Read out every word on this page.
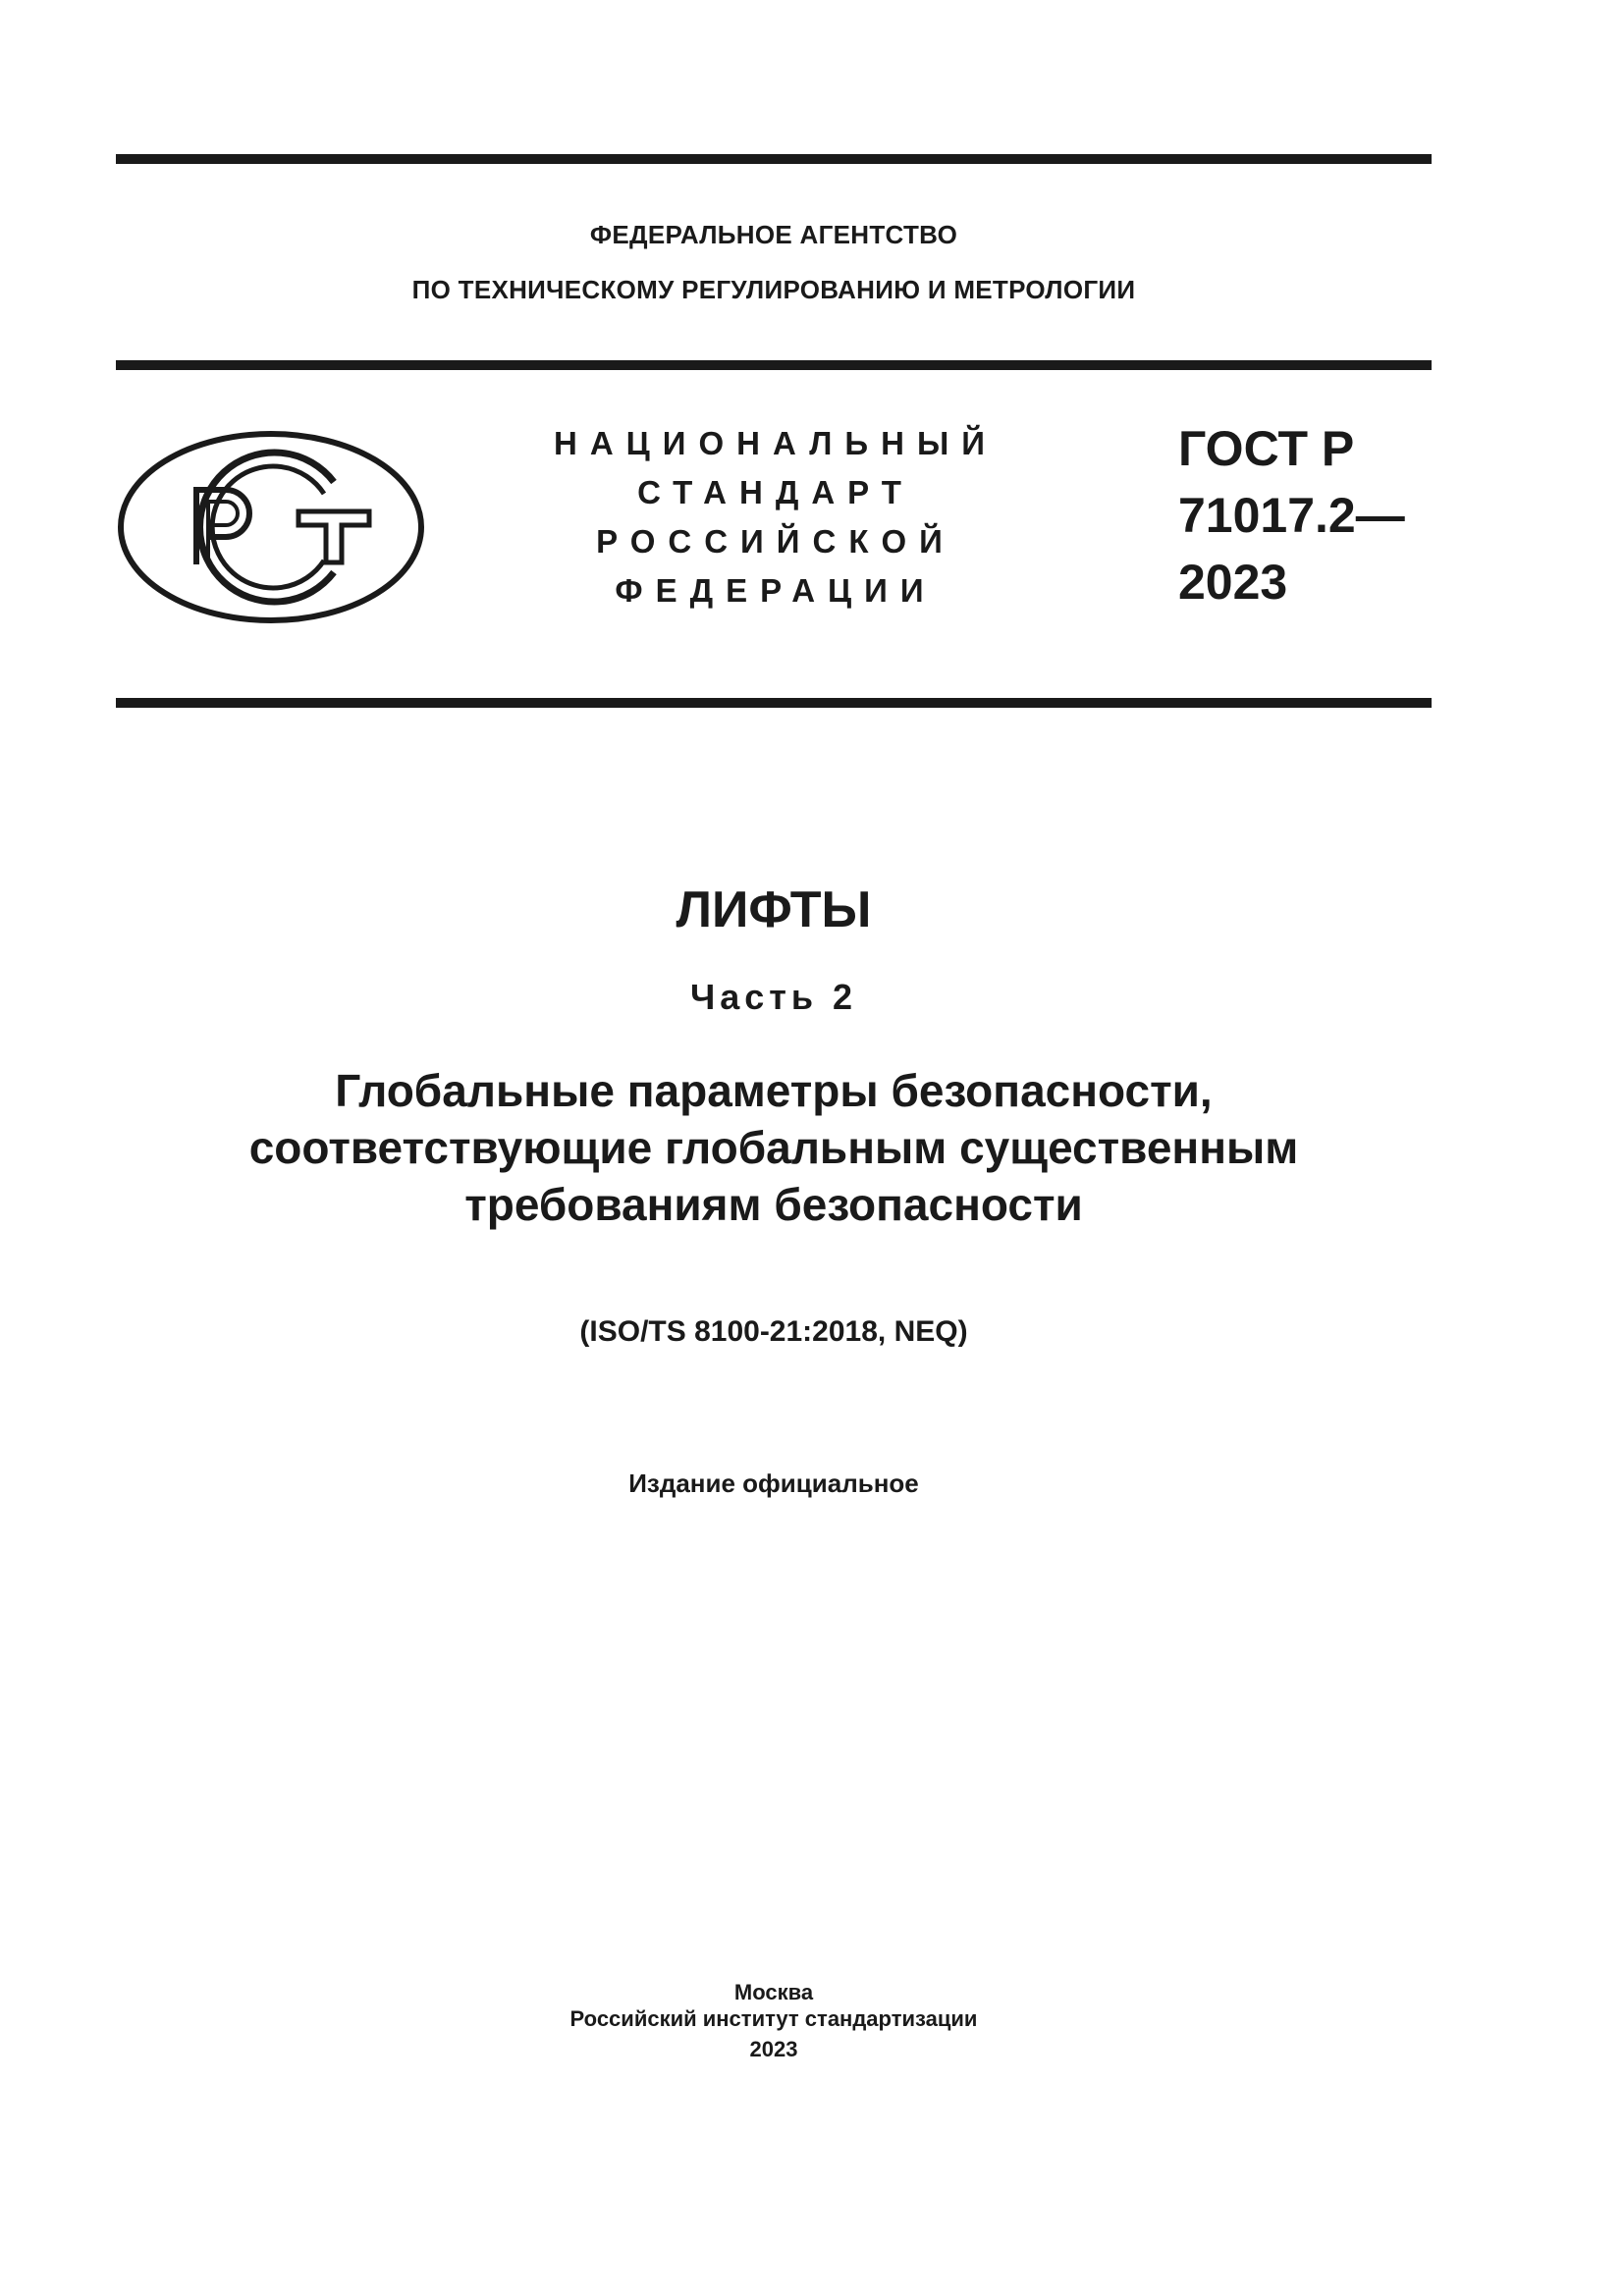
ФЕДЕРАЛЬНОЕ АГЕНТСТВО
ПО ТЕХНИЧЕСКОМУ РЕГУЛИРОВАНИЮ И МЕТРОЛОГИИ
НАЦИОНАЛЬНЫЙ
СТАНДАРТ
РОССИЙСКОЙ
ФЕДЕРАЦИИ
ГОСТ Р
71017.2—
2023
ЛИФТЫ
Часть 2
Глобальные параметры безопасности,
соответствующие глобальным существенным
требованиям безопасности
(ISO/TS 8100-21:2018, NEQ)
Издание официальное
Москва
Российский институт стандартизации
2023
